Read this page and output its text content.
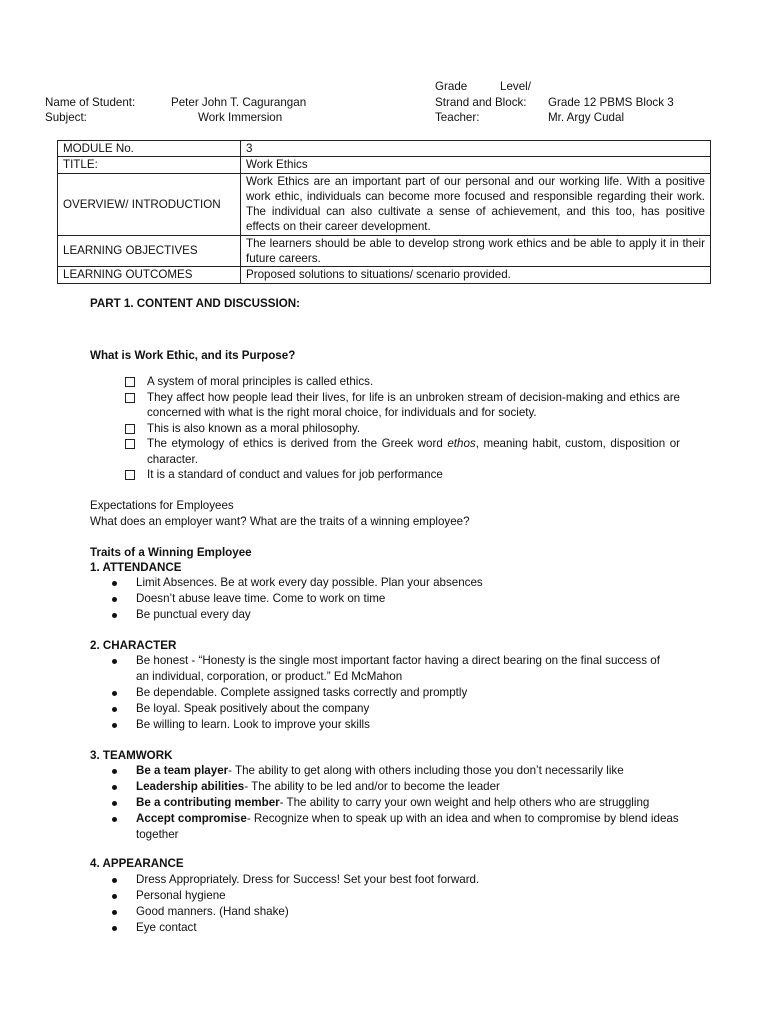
Grade	Level/
Name of Student:	Peter John T. Cagurangan	Strand and Block: Grade 12 PBMS Block 3
Subject:	Work Immersion	Teacher:	Mr. Argy Cudal
MODULE No.	3
TITLE:	Work Ethics
OVERVIEW/ INTRODUCTION	Work Ethics are an important part of our personal and our working life. With a positive work ethic, individuals can become more focused and responsible regarding their work. The individual can also cultivate a sense of achievement, and this too, has positive effects on their career development.
LEARNING OBJECTIVES	The learners should be able to develop strong work ethics and be able to apply it in their future careers.
LEARNING OUTCOMES	Proposed solutions to situations/ scenario provided.
PART 1. CONTENT AND DISCUSSION:
What is Work Ethic, and its Purpose?
A system of moral principles is called ethics.
They affect how people lead their lives, for life is an unbroken stream of decision-making and ethics are concerned with what is the right moral choice, for individuals and for society.
This is also known as a moral philosophy.
The etymology of ethics is derived from the Greek word ethos, meaning habit, custom, disposition or character.
It is a standard of conduct and values for job performance
Expectations for Employees
What does an employer want? What are the traits of a winning employee?
Traits of a Winning Employee
1. ATTENDANCE
Limit Absences. Be at work every day possible. Plan your absences
Doesn’t abuse leave time. Come to work on time
Be punctual every day
2. CHARACTER
Be honest - “Honesty is the single most important factor having a direct bearing on the final success of an individual, corporation, or product.” Ed McMahon
Be dependable. Complete assigned tasks correctly and promptly
Be loyal. Speak positively about the company
Be willing to learn. Look to improve your skills
3. TEAMWORK
Be a team player- The ability to get along with others including those you don’t necessarily like
Leadership abilities- The ability to be led and/or to become the leader
Be a contributing member- The ability to carry your own weight and help others who are struggling
Accept compromise- Recognize when to speak up with an idea and when to compromise by blend ideas together
4. APPEARANCE
Dress Appropriately. Dress for Success! Set your best foot forward.
Personal hygiene
Good manners. (Hand shake)
Eye contact
